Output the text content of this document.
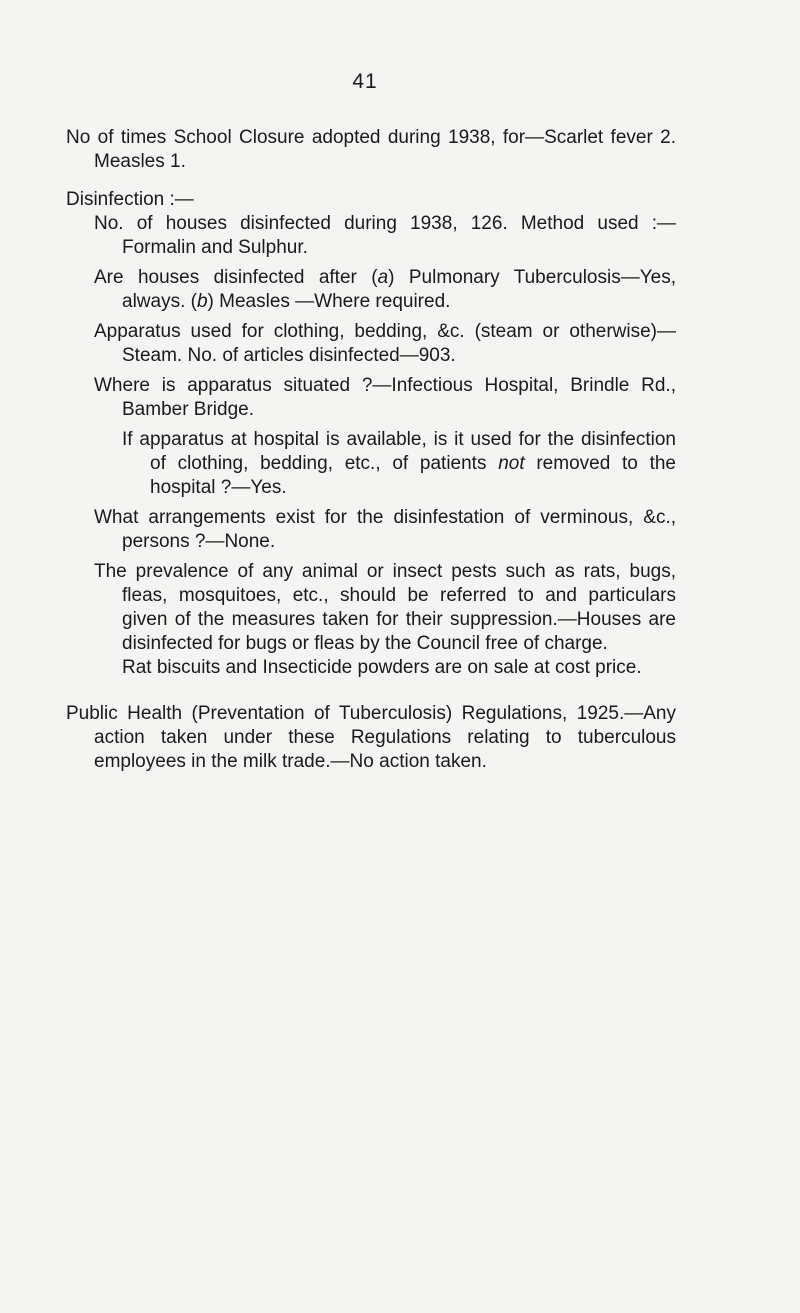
41

No of times School Closure adopted during 1938, for—Scarlet fever 2. Measles 1.

Disinfection :—

No. of houses disinfected during 1938, 126. Method used :—Formalin and Sulphur.

Are houses disinfected after (a) Pulmonary Tuberculosis—Yes, always. (b) Measles —Where required.

Apparatus used for clothing, bedding, &c. (steam or otherwise)— Steam. No. of articles disinfected—903.

Where is apparatus situated ?—Infectious Hospital, Brindle Rd., Bamber Bridge.

If apparatus at hospital is available, is it used for the disinfection of clothing, bedding, etc., of patients not removed to the hospital ?—Yes.

What arrangements exist for the disinfestation of verminous, &c., persons ?—None.

The prevalence of any animal or insect pests such as rats, bugs, fleas, mosquitoes, etc., should be referred to and particulars given of the measures taken for their suppression.—Houses are disinfected for bugs or fleas by the Council free of charge.

Rat biscuits and Insecticide powders are on sale at cost price.

Public Health (Preventation of Tuberculosis) Regulations, 1925.—Any action taken under these Regulations relating to tuberculous employees in the milk trade.—No action taken.
